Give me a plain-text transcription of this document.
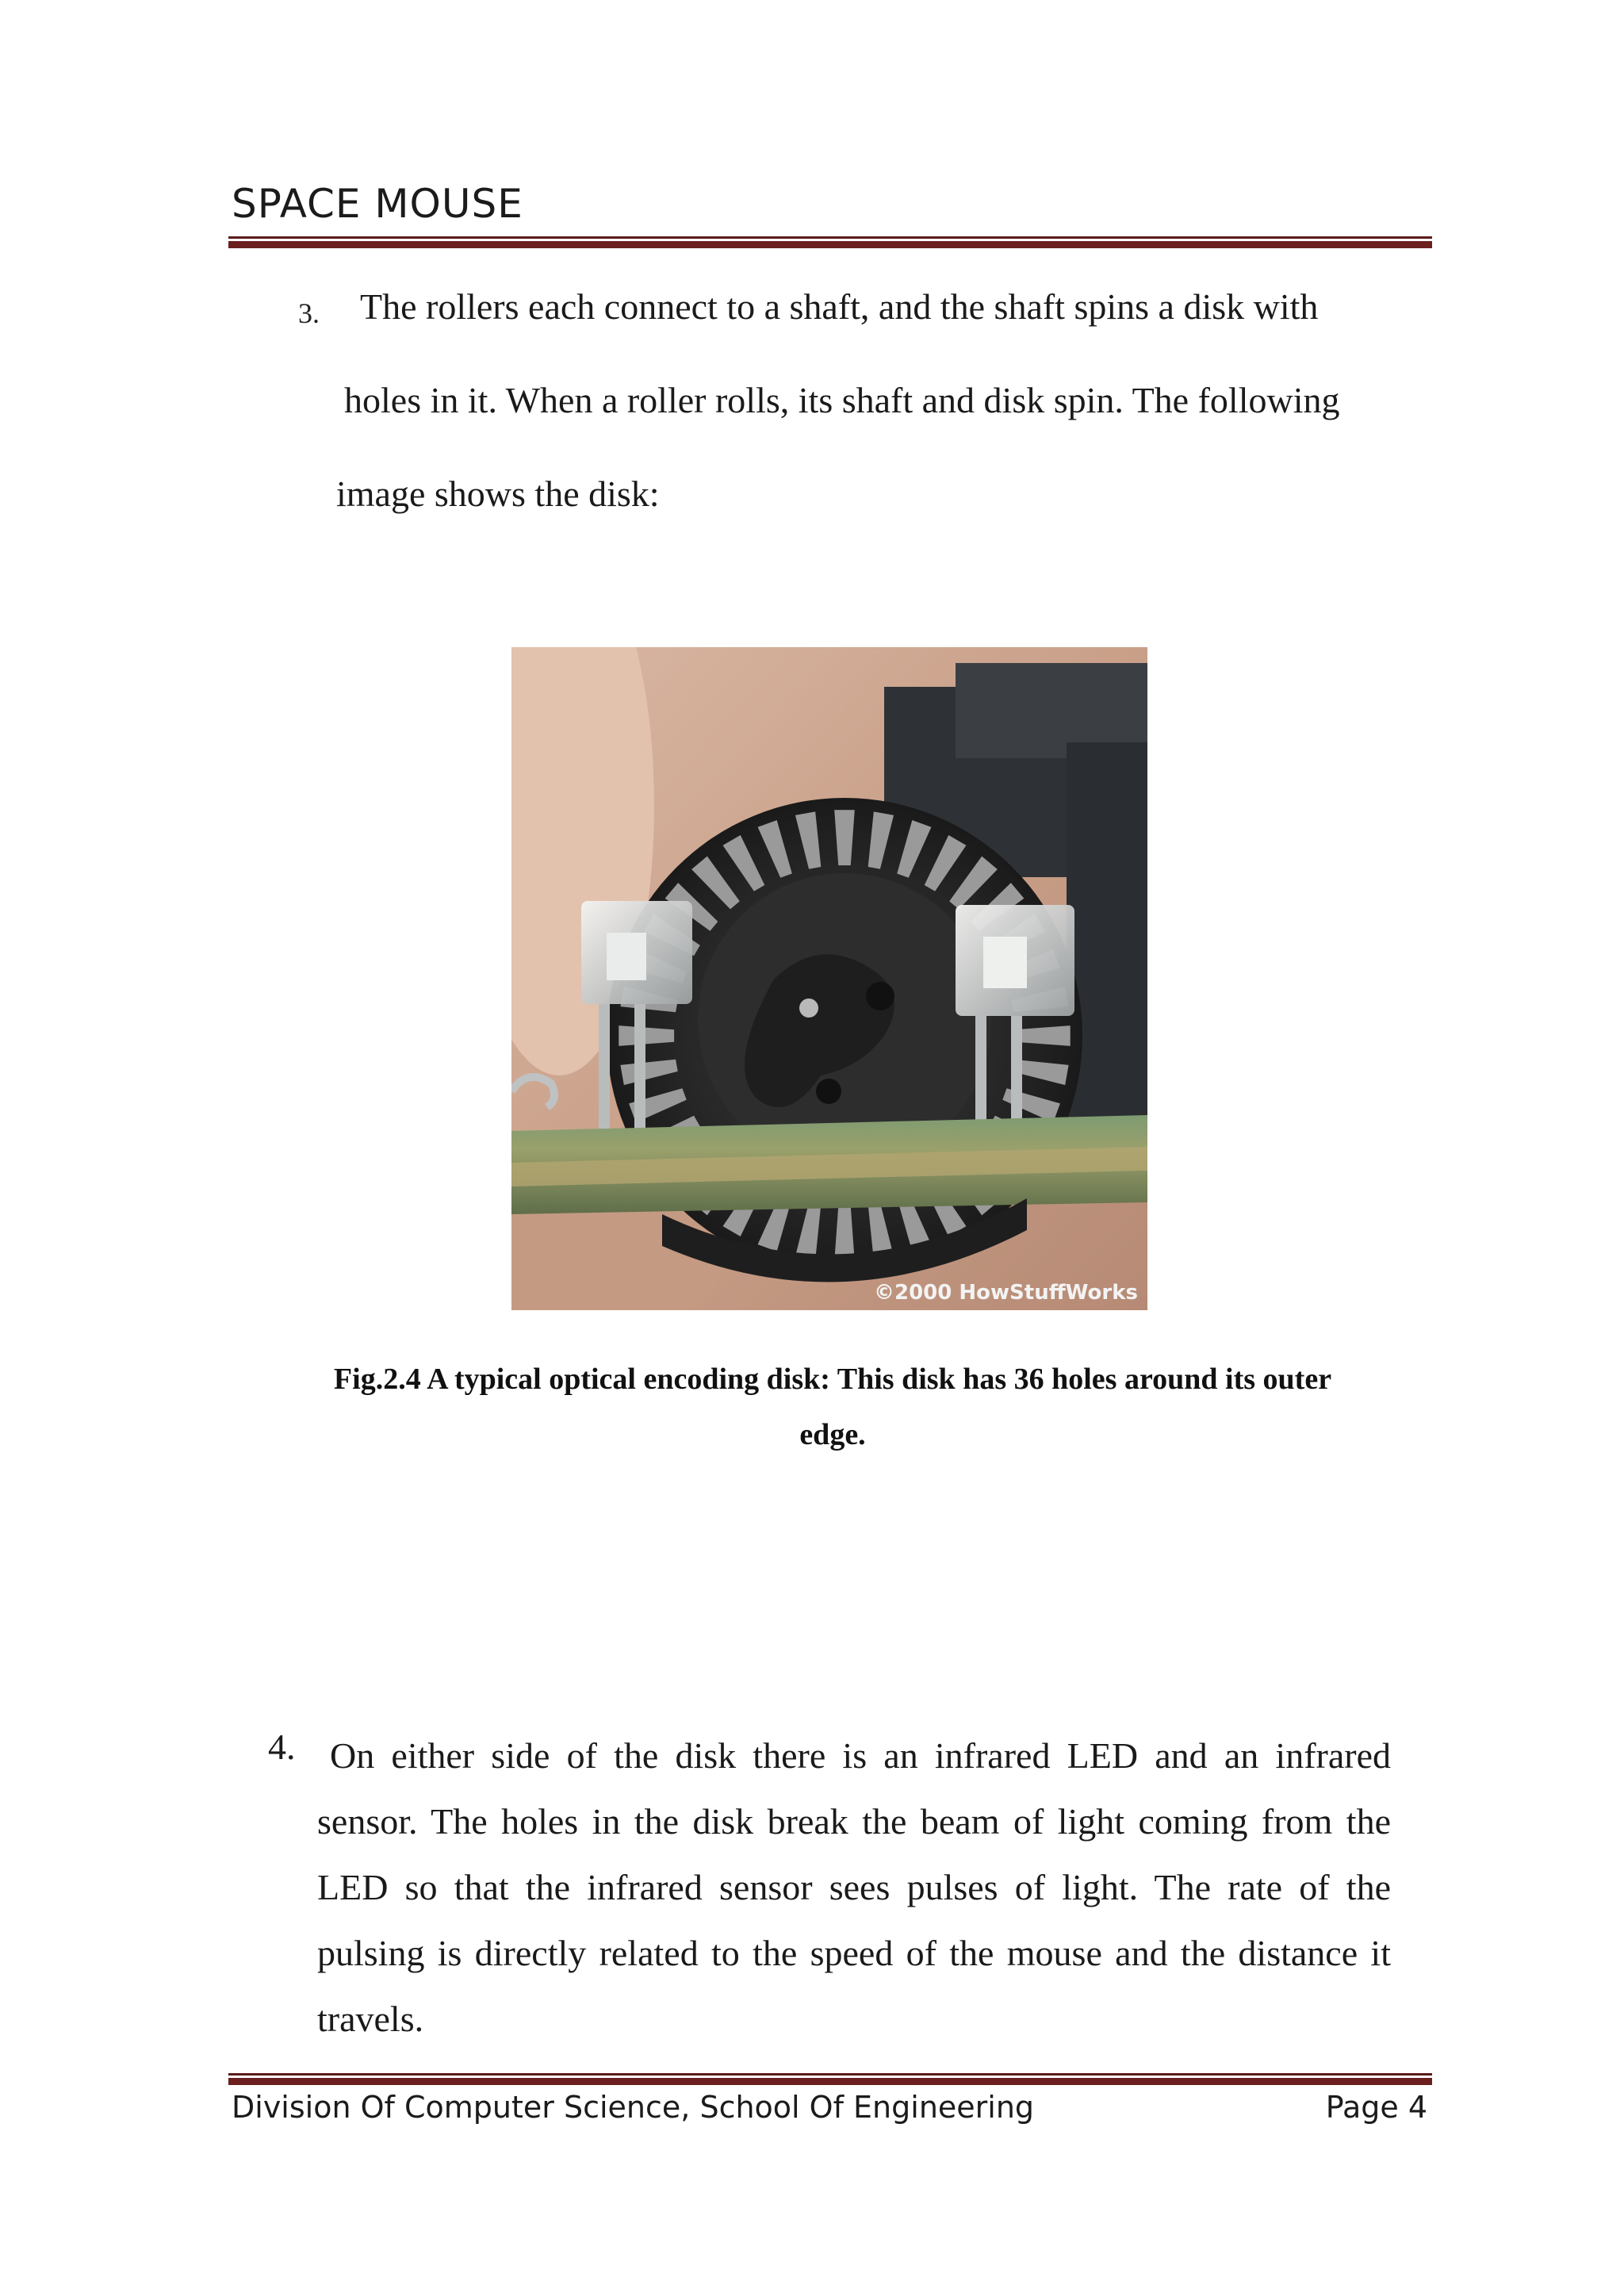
SPACE MOUSE
3. The rollers each connect to a shaft, and the shaft spins a disk with
holes in it. When a roller rolls, its shaft and disk spin. The following
image shows the disk:
©2000 HowStuffWorks
Fig.2.4 A typical optical encoding disk: This disk has 36 holes around its outer
edge.
4. On either side of the disk there is an infrared LED and an infrared
sensor. The holes in the disk break the beam of light coming from the LED so that the infrared sensor sees pulses of light. The rate of the pulsing is directly related to the speed of the mouse and the distance it travels.
Division Of Computer Science, School Of Engineering	Page 4
